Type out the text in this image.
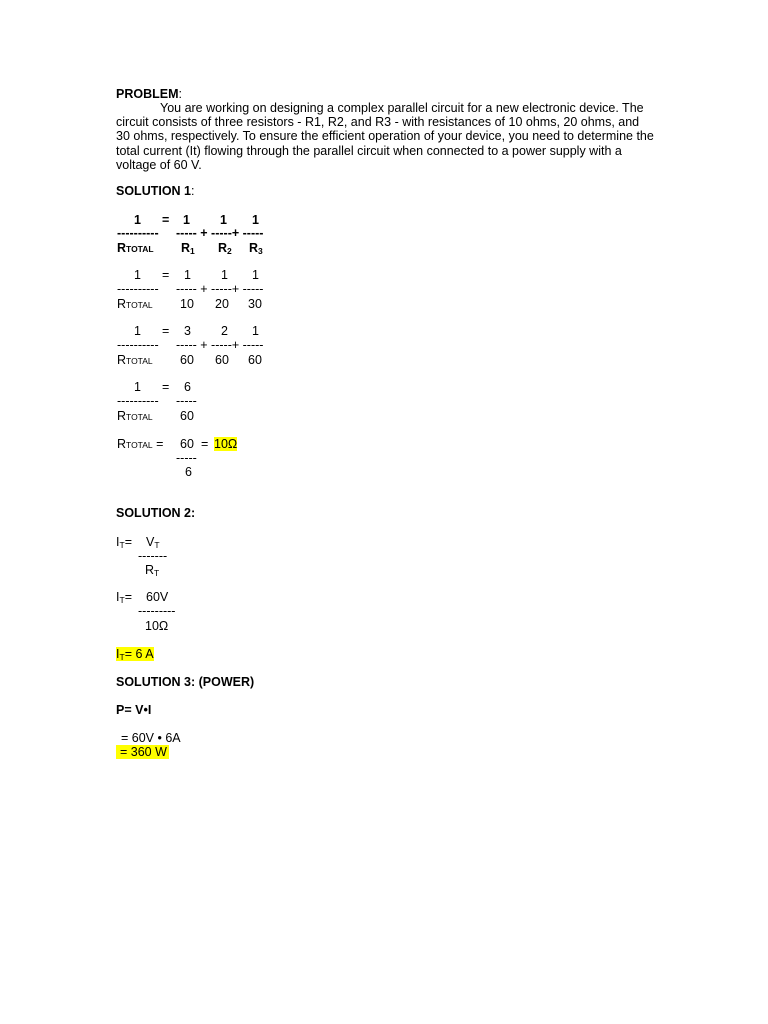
PROBLEM:
You are working on designing a complex parallel circuit for a new electronic device. The circuit consists of three resistors - R1, R2, and R3 - with resistances of 10 ohms, 20 ohms, and 30 ohms, respectively. To ensure the efficient operation of your device, you need to determine the total current (It) flowing through the parallel circuit when connected to a power supply with a voltage of 60 V.
SOLUTION 1:
1 = 1 1 1
---------- ----- + -----+ -----
RTOTAL $R_1$ $R_2$ $R_3$
1 = 1 1 1
---------- ----- + -----+ -----
RTOTAL 10 20 30
1 = 3 2 1
---------- ----- + -----+ -----
RTOTAL 60 60 60
1 = 6
---------- -----
RTOTAL 60
RTOTAL = 60 = 10Ω
-----
6
SOLUTION 2:
$I_T= V_T$
-------
$R_T$
$I_T= 60V$
---------
10Ω
$I_T= 6$ A
SOLUTION 3: (POWER)
P= V•I
= 60V • 6A
= 360 W
